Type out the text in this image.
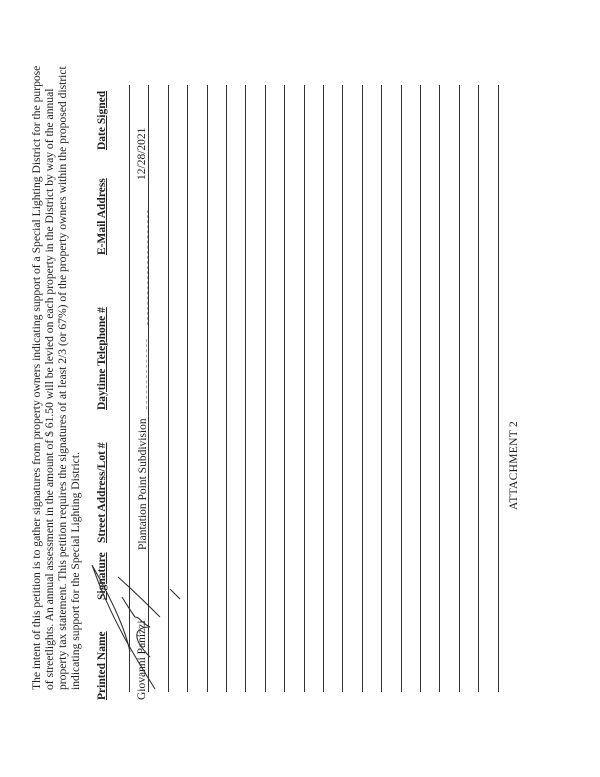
The intent of this petition is to gather signatures from property owners indicating support of a Special Lighting District for the purpose of streetlights. An annual assessment in the amount of $ 61.50 will be levied on each property in the District by way of the annual property tax statement. This petition requires the signatures of at least 2/3 (or 67%) of the property owners within the proposed district indicating support for the Special Lighting District. Printed Name
Signature
Street Address/Lot #
Daytime Telephone #
E-Mail Address
Date Signed
Giovanni Panizzi
Plantation Point Subdivision
12/28/2021
ATTACHMENT 2
